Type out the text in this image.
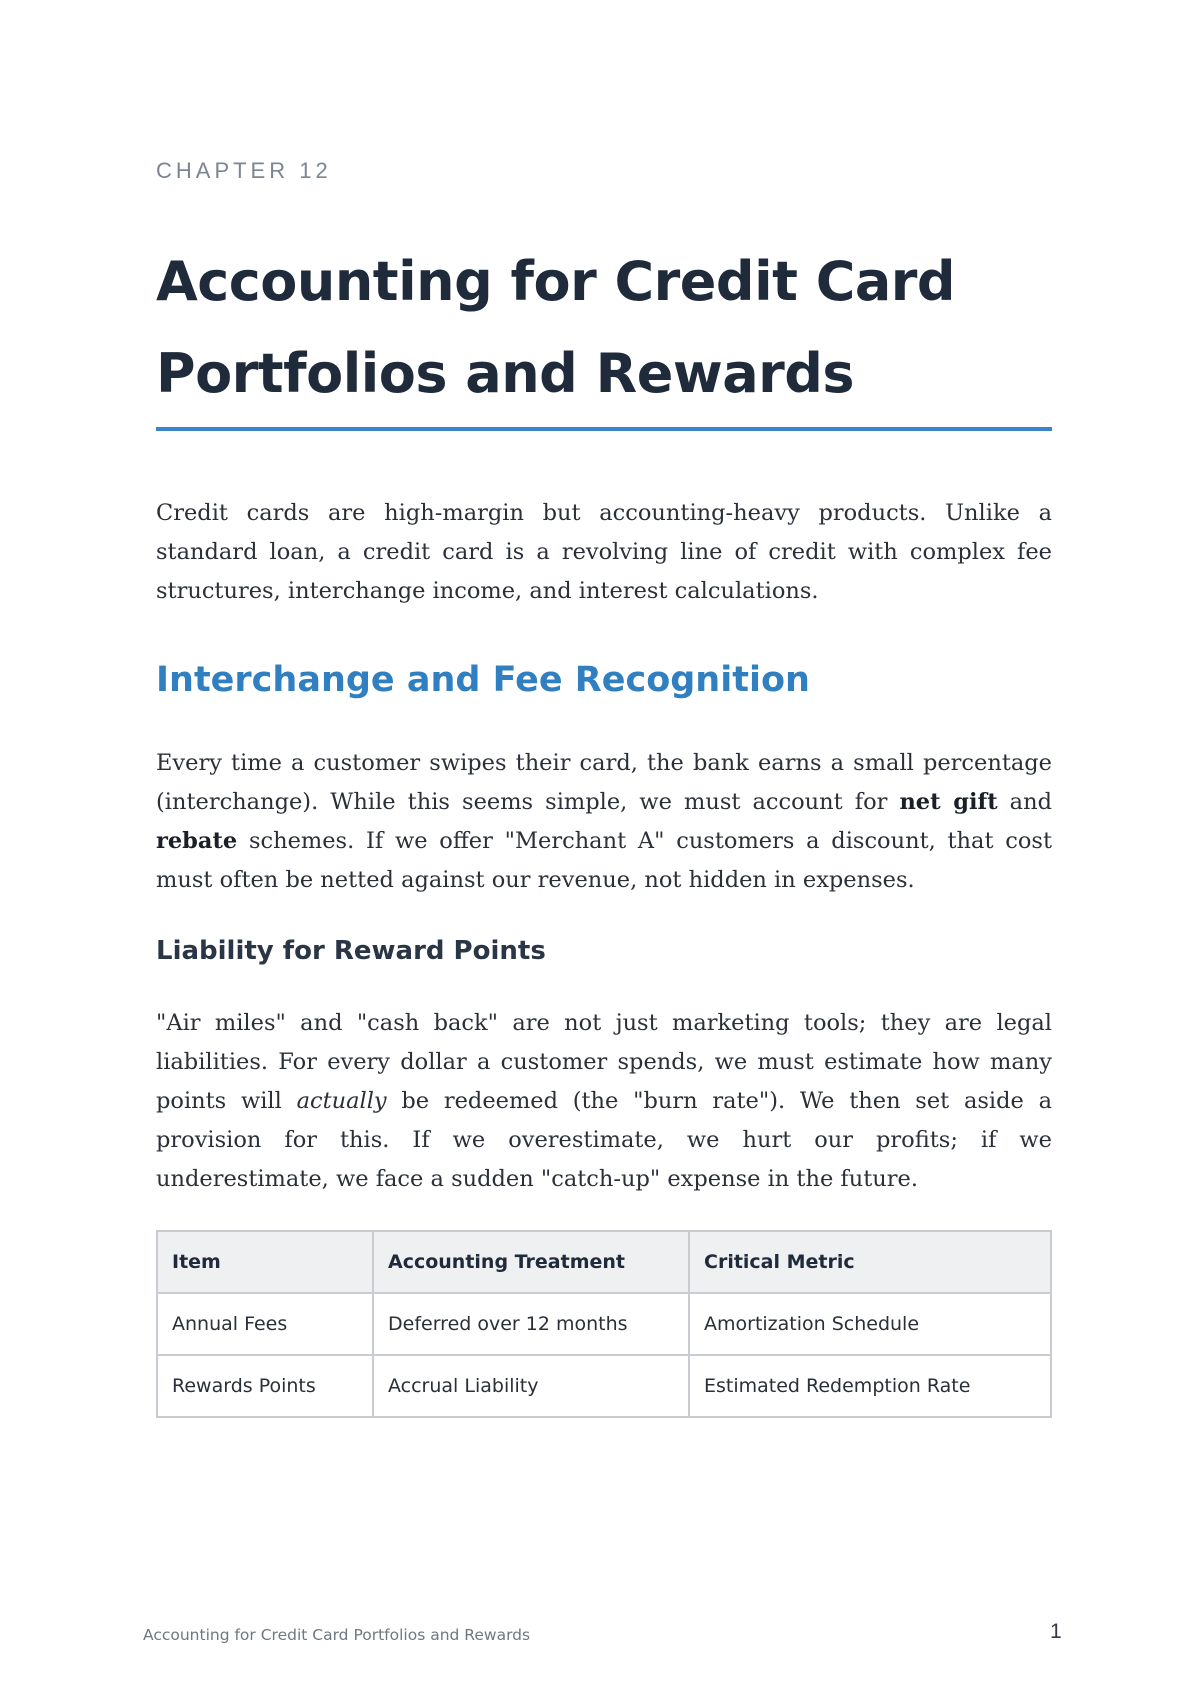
CHAPTER 12
Accounting for Credit Card Portfolios and Rewards

Credit cards are high-margin but accounting-heavy products. Unlike a standard loan, a credit card is a revolving line of credit with complex fee structures, interchange income, and interest calculations.

Interchange and Fee Recognition

Every time a customer swipes their card, the bank earns a small percentage (interchange). While this seems simple, we must account for net gift and rebate schemes. If we offer "Merchant A" customers a discount, that cost must often be netted against our revenue, not hidden in expenses.

Liability for Reward Points

"Air miles" and "cash back" are not just marketing tools; they are legal liabilities. For every dollar a customer spends, we must estimate how many points will actually be redeemed (the "burn rate"). We then set aside a provision for this. If we overestimate, we hurt our profits; if we underestimate, we face a sudden "catch-up" expense in the future.

Item	Accounting Treatment	Critical Metric
Annual Fees	Deferred over 12 months	Amortization Schedule
Rewards Points	Accrual Liability	Estimated Redemption Rate
Accounting for Credit Card Portfolios and Rewards	1
